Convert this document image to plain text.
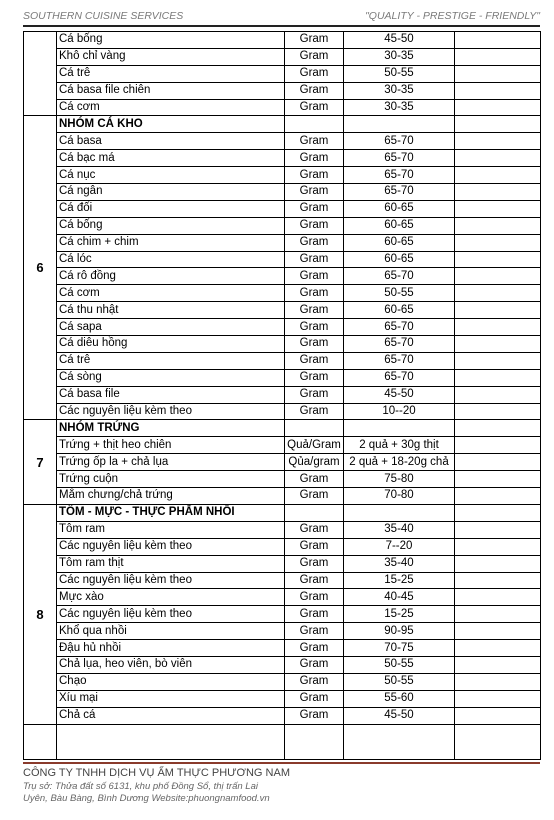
SOUTHERN CUISINE SERVICES	"QUALITY - PRESTIGE - FRIENDLY"
	Cá bống	Gram	45-50	
	Khô chỉ vàng	Gram	30-35	
	Cá trê	Gram	50-55	
	Cá basa file chiên	Gram	30-35	
	Cá cơm	Gram	30-35	
6	NHÓM CÁ KHO			
	Cá basa	Gram	65-70	
	Cá bạc má	Gram	65-70	
	Cá nục	Gram	65-70	
	Cá ngân	Gram	65-70	
	Cá đối	Gram	60-65	
	Cá bống	Gram	60-65	
	Cá chim + chim	Gram	60-65	
	Cá lóc	Gram	60-65	
	Cá rô đồng	Gram	65-70	
	Cá cơm	Gram	50-55	
	Cá thu nhật	Gram	60-65	
	Cá sapa	Gram	65-70	
	Cá diêu hồng	Gram	65-70	
	Cá trê	Gram	65-70	
	Cá sòng	Gram	65-70	
	Cá basa file	Gram	45-50	
	Các nguyên liệu kèm theo	Gram	10--20	
7	NHÓM TRỨNG			
	Trứng + thịt heo chiên	Quả/Gram	2 quả + 30g thịt	
	Trứng ốp la + chả lụa	Qủa/gram	2 quả + 18-20g chả	
	Trứng cuộn	Gram	75-80	
	Mắm chưng/chả trứng	Gram	70-80	
8	TÔM - MỰC - THỰC PHẨM NHỒI			
	Tôm ram	Gram	35-40	
	Các nguyên liệu kèm theo	Gram	7--20	
	Tôm ram thịt	Gram	35-40	
	Các nguyên liệu kèm theo	Gram	15-25	
	Mực xào	Gram	40-45	
	Các nguyên liệu kèm theo	Gram	15-25	
	Khổ qua nhồi	Gram	90-95	
	Đậu hủ nhồi	Gram	70-75	
	Chả lụa, heo viên, bò viên	Gram	50-55	
	Chạo	Gram	50-55	
	Xíu mại	Gram	55-60	
	Chả cá	Gram	45-50	

CÔNG TY TNHH DỊCH VỤ ẨM THỰC PHƯƠNG NAM
Trụ sở: Thửa đất số 6131, khu phố Đồng Sổ, thị trấn Lai
Uyên, Bàu Bàng, Bình Dương Website:phuongnamfood.vn
